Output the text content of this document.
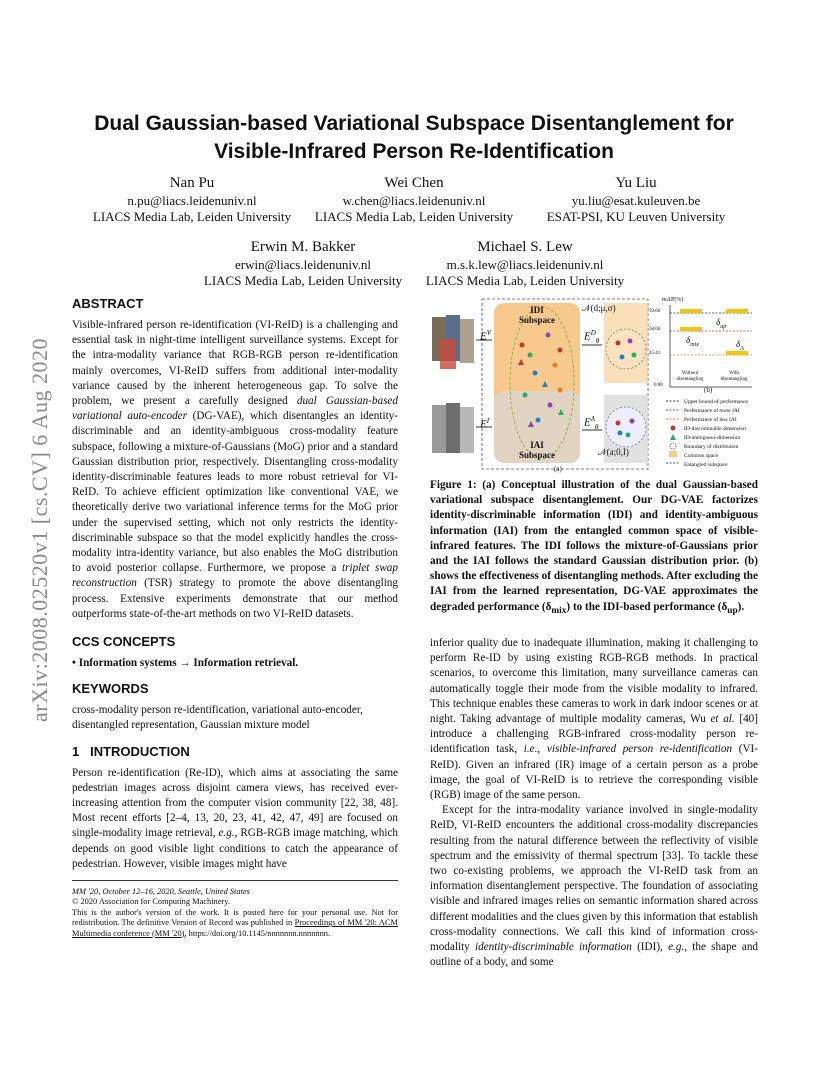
arXiv:2008.02520v1 [cs.CV] 6 Aug 2020
Dual Gaussian-based Variational Subspace Disentanglement for
Visible-Infrared Person Re-Identification
Nan Pu
n.pu@liacs.leidenuniv.nl
LIACS Media Lab, Leiden University
Wei Chen
w.chen@liacs.leidenuniv.nl
LIACS Media Lab, Leiden University
Yu Liu
yu.liu@esat.kuleuven.be
ESAT-PSI, KU Leuven University
Erwin M. Bakker
erwin@liacs.leidenuniv.nl
LIACS Media Lab, Leiden University
Michael S. Lew
m.s.k.lew@liacs.leidenuniv.nl
LIACS Media Lab, Leiden University
ABSTRACT

Visible-infrared person re-identification (VI-ReID) is a challenging and essential task in night-time intelligent surveillance systems. Except for the intra-modality variance that RGB-RGB person re-identification mainly overcomes, VI-ReID suffers from additional inter-modality variance caused by the inherent heterogeneous gap. To solve the problem, we present a carefully designed dual Gaussian-based variational auto-encoder (DG-VAE), which disentangles an identity-discriminable and an identity-ambiguous cross-modality feature subspace, following a mixture-of-Gaussians (MoG) prior and a standard Gaussian distribution prior, respectively. Disentangling cross-modality identity-discriminable features leads to more robust retrieval for VI-ReID. To achieve efficient optimization like conventional VAE, we theoretically derive two variational inference terms for the MoG prior under the supervised setting, which not only restricts the identity-discriminable subspace so that the model explicitly handles the cross-modality intra-identity variance, but also enables the MoG distribution to avoid posterior collapse. Furthermore, we propose a triplet swap reconstruction (TSR) strategy to promote the above disentangling process. Extensive experiments demonstrate that our method outperforms state-of-the-art methods on two VI-ReID datasets.

CCS CONCEPTS

• Information systems → Information retrieval.

KEYWORDS

cross-modality person re-identification, variational auto-encoder, disentangled representation, Gaussian mixture model

1 INTRODUCTION

Person re-identification (Re-ID), which aims at associating the same pedestrian images across disjoint camera views, has received ever-increasing attention from the computer vision community [22, 38, 48]. Most recent efforts [2–4, 13, 20, 23, 41, 42, 47, 49] are focused on single-modality image retrieval, e.g., RGB-RGB image matching, which depends on good visible light conditions to catch the appearance of pedestrian. However, visible images might have

MM '20, October 12–16, 2020, Seattle, United States
© 2020 Association for Computing Machinery.
This is the author's version of the work. It is posted here for your personal use. Not for redistribution. The definitive Version of Record was published in Proceedings of MM '20: ACM Multimedia conference (MM '20), https://doi.org/10.1145/nnnnnnn.nnnnnnn.
IDI
Subspace
IAI
Subspace
$E^V$
$E^I$
$E^D_\theta$
$E^A_\theta$
𝒩(d;μ,σ)
𝒩(a;0,I)
(a)
(b)
mAP(%)
59.66
58.66
45.41
0.00
$\delta_{up}$
$\delta_{mix}$	$\delta_A$
Without
disentangling
With
disentangling
Upper bound of performance
Performance of more IAI
Performance of less IAI
ID-discriminable dimension
ID-ambiguous dimension
Boundary of distribution
Common space
Entangled subspace
Figure 1: (a) Conceptual illustration of the dual Gaussian-based variational subspace disentanglement. Our DG-VAE factorizes identity-discriminable information (IDI) and identity-ambiguous information (IAI) from the entangled common space of visible-infrared features. The IDI follows the mixture-of-Gaussians prior and the IAI follows the standard Gaussian distribution prior. (b) shows the effectiveness of disentangling methods. After excluding the IAI from the learned representation, DG-VAE approximates the degraded performance $(\delta_{mix})$ to the IDI-based performance $(\delta_{up})$.

inferior quality due to inadequate illumination, making it challenging to perform Re-ID by using existing RGB-RGB methods. In practical scenarios, to overcome this limitation, many surveillance cameras can automatically toggle their mode from the visible modality to infrared. This technique enables these cameras to work in dark indoor scenes or at night. Taking advantage of multiple modality cameras, Wu et al. [40] introduce a challenging RGB-infrared cross-modality person re-identification task, i.e., visible-infrared person re-identification (VI-ReID). Given an infrared (IR) image of a certain person as a probe image, the goal of VI-ReID is to retrieve the corresponding visible (RGB) image of the same person.

Except for the intra-modality variance involved in single-modality ReID, VI-ReID encounters the additional cross-modality discrepancies resulting from the natural difference between the reflectivity of visible spectrum and the emissivity of thermal spectrum [33]. To tackle these two co-existing problems, we approach the VI-ReID task from an information disentanglement perspective. The foundation of associating visible and infrared images relies on semantic information shared across different modalities and the clues given by this information that establish cross-modality connections. We call this kind of information cross-modality identity-discriminable information (IDI), e.g., the shape and outline of a body, and some
